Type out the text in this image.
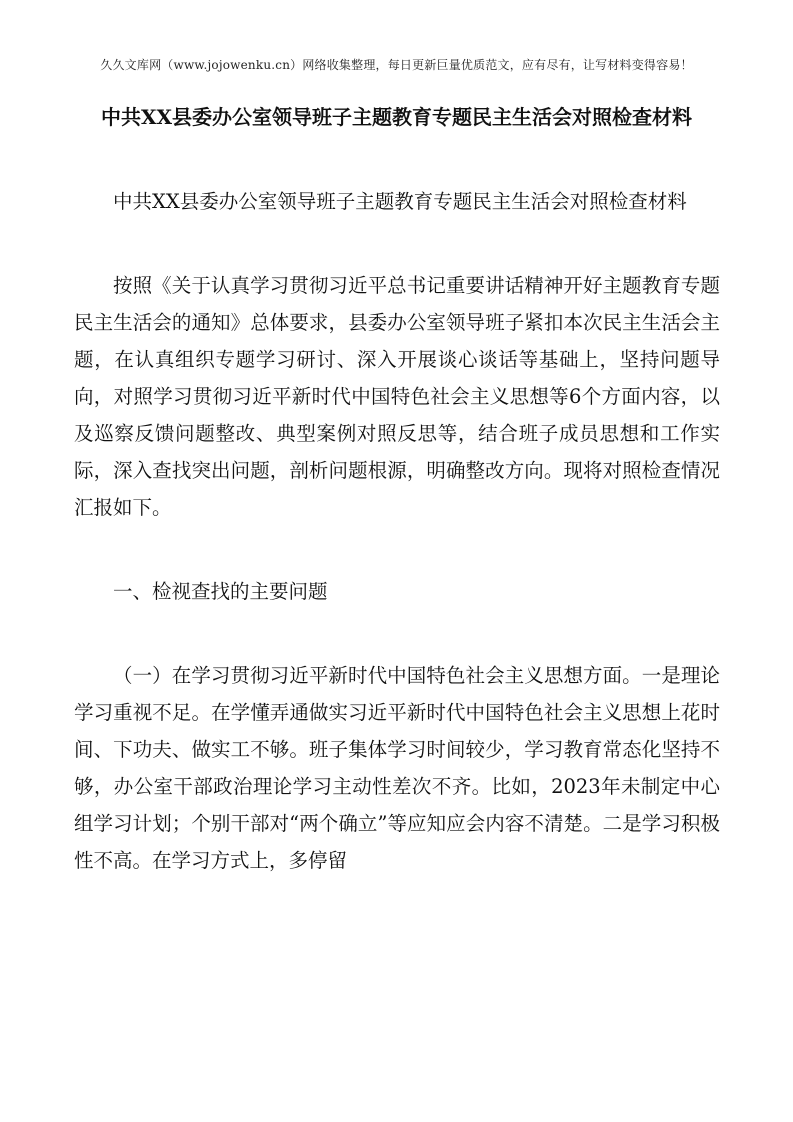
久久文库网（www.jojowenku.cn）网络收集整理，每日更新巨量优质范文，应有尽有，让写材料变得容易！
中共XX县委办公室领导班子主题教育专题民主生活会对照检查材料

中共XX县委办公室领导班子主题教育专题民主生活会对照检查材料

按照《关于认真学习贯彻习近平总书记重要讲话精神开好主题教育专题民主生活会的通知》总体要求，县委办公室领导班子紧扣本次民主生活会主题，在认真组织专题学习研讨、深入开展谈心谈话等基础上，坚持问题导向，对照学习贯彻习近平新时代中国特色社会主义思想等6个方面内容，以及巡察反馈问题整改、典型案例对照反思等，结合班子成员思想和工作实际，深入查找突出问题，剖析问题根源，明确整改方向。现将对照检查情况汇报如下。

一、检视查找的主要问题

（一）在学习贯彻习近平新时代中国特色社会主义思想方面。一是理论学习重视不足。在学懂弄通做实习近平新时代中国特色社会主义思想上花时间、下功夫、做实工不够。班子集体学习时间较少，学习教育常态化坚持不够，办公室干部政治理论学习主动性差次不齐。比如，2023年未制定中心组学习计划；个别干部对“两个确立”等应知应会内容不清楚。二是学习积极性不高。在学习方式上，多停留
